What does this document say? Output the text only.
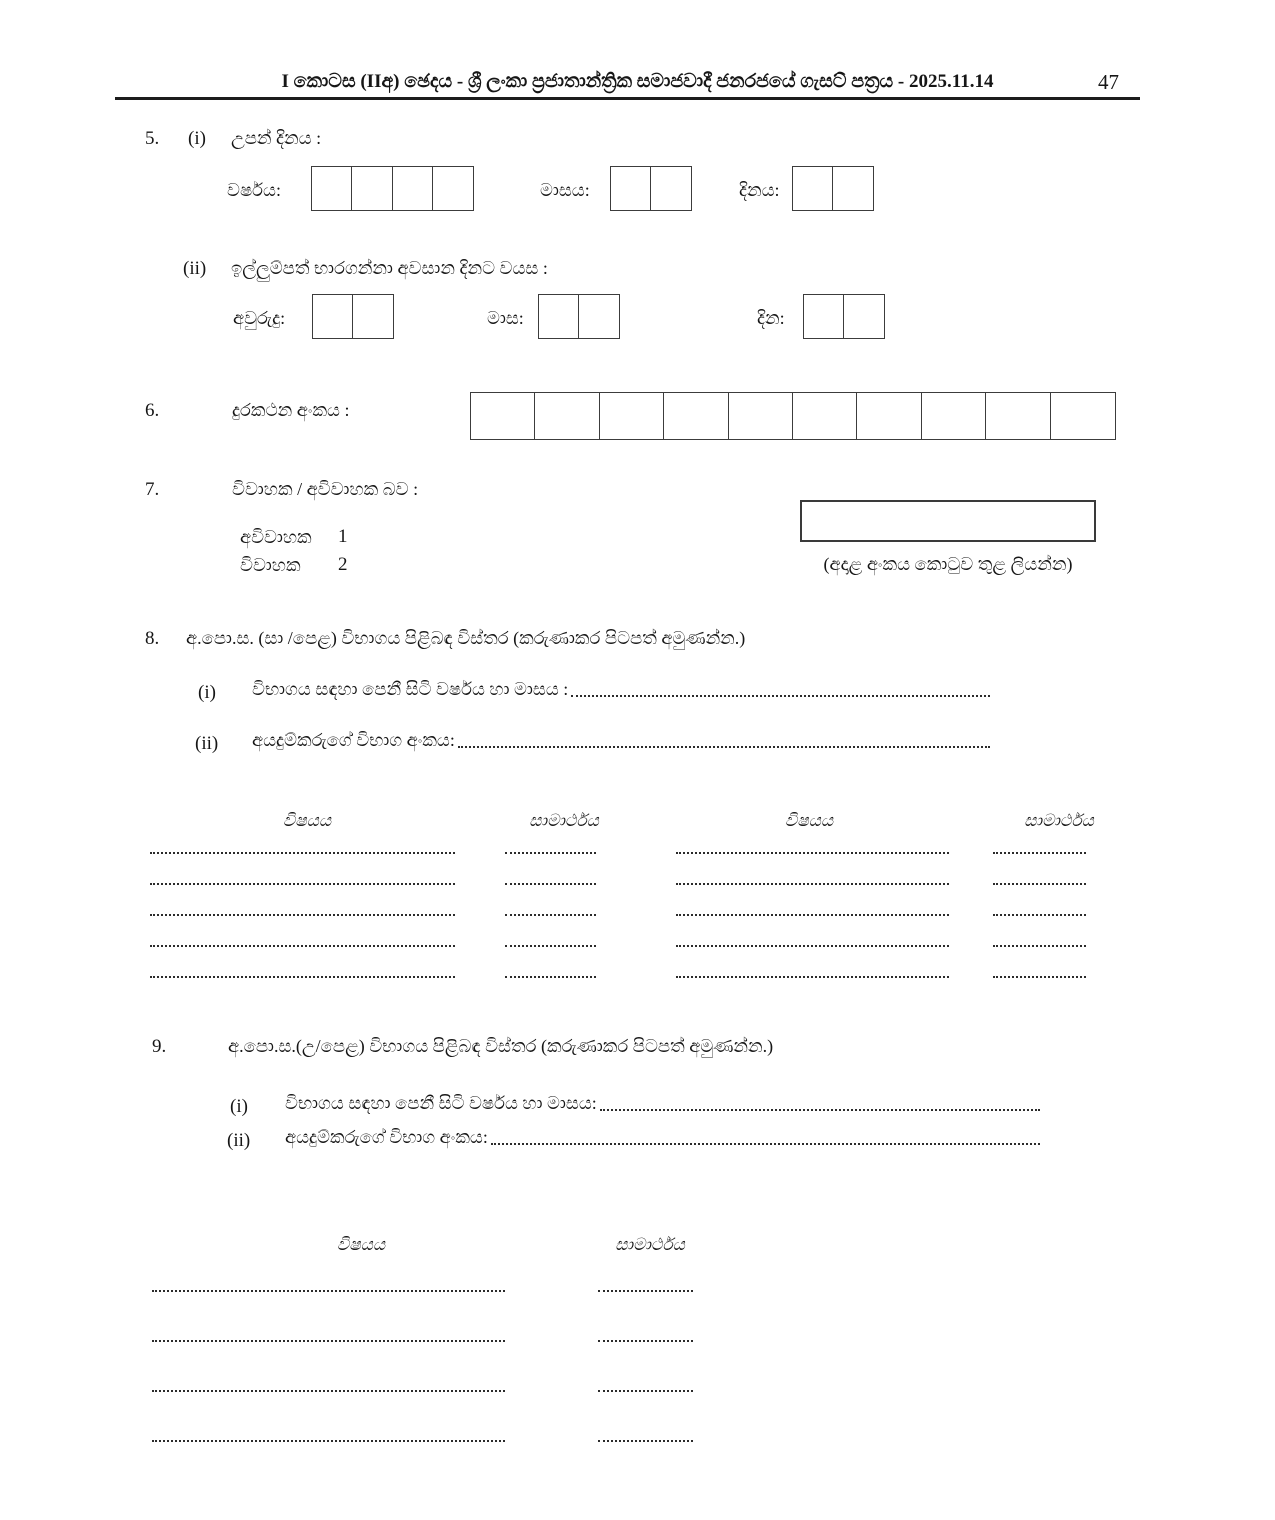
I කොටස (IIඅ) ඡෙදය - ශ්‍රී ලංකා ප්‍රජාතාන්ත්‍රික සමාජවාදී ජනරජයේ ගැසට් පත්‍රය - 2025.11.14	47
5. (i) උපන් දිනය :
වර්ෂය:	මාසය:	දිනය:
(ii) ඉල්ලුම්පත් භාරගන්නා අවසාන දිනට වයස :
අවුරුදු:	මාස:	දින:
6.	දුරකථන අංකය :
7.	විවාහක / අවිවාහක බව :
අවිවාහක 1
විවාහක 2	(අදාළ අංකය කොටුව තුළ ලියන්න)
8. අ.පො.ස. (සා /පෙළ) විභාගය පිළිබඳ විස්තර (කරුණාකර පිටපත් අමුණන්න.)
(i) විභාගය සඳහා පෙනී සිටි වර්ෂය හා මාසය :
(ii) අයදුම්කරුගේ විභාග අංකය:
විෂයය	සාමාර්ථය	විෂයය	සාමාර්ථය
9.	අ.පො.ස.(උ/පෙළ) විභාගය පිළිබඳ විස්තර (කරුණාකර පිටපත් අමුණන්න.)
(i) විභාගය සඳහා පෙනී සිටි වර්ෂය හා මාසය:
(ii) අයදුම්කරුගේ විභාග අංකය:
විෂයය	සාමාර්ථය
